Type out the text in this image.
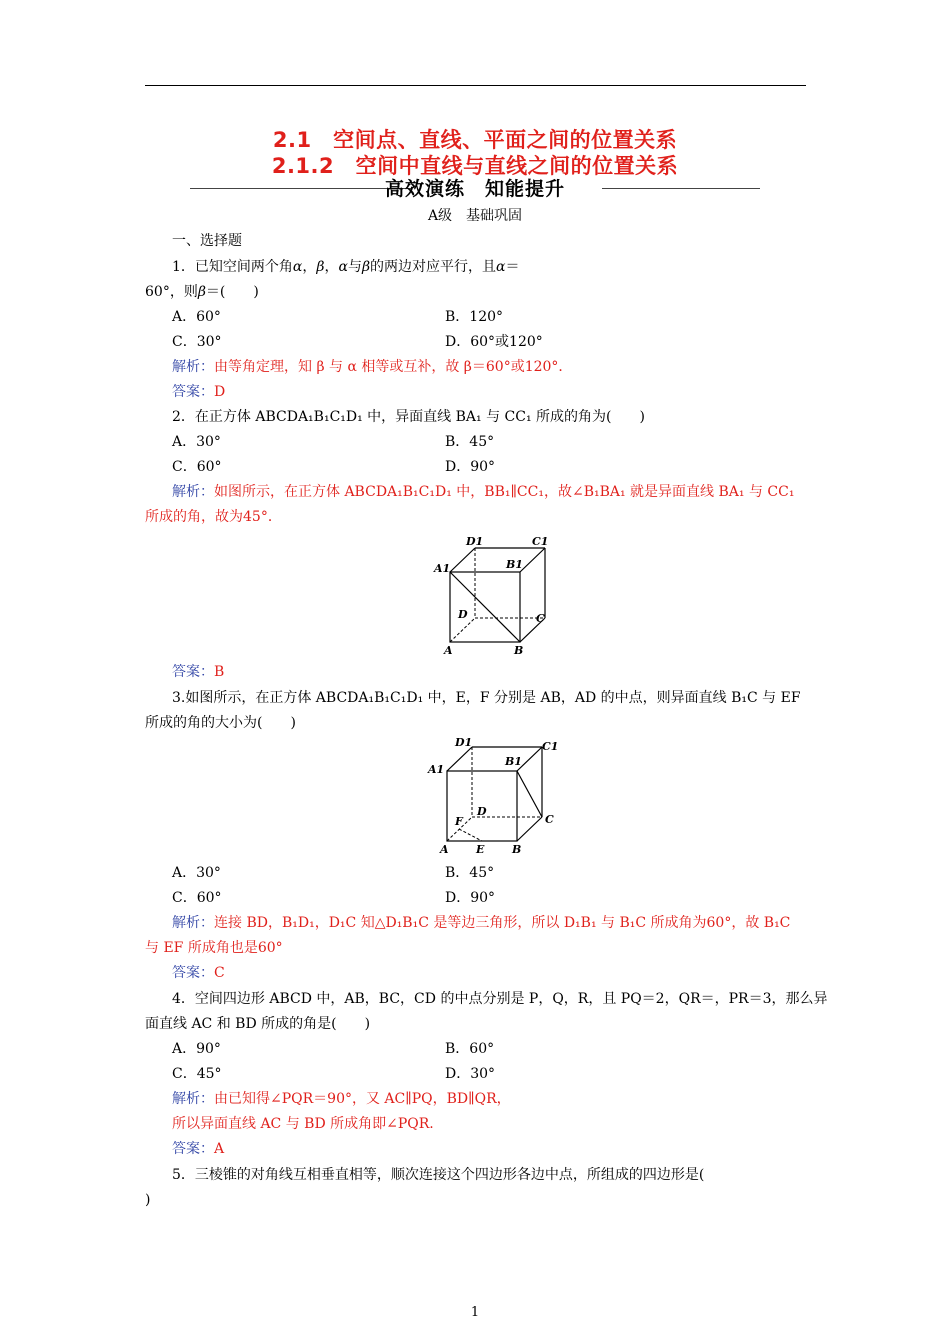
2.1　空间点、直线、平面之间的位置关系
2.1.2　空间中直线与直线之间的位置关系
高效演练　知能提升
A级　基础巩固
一、选择题
1．已知空间两个角α，β，α与β的两边对应平行，且α＝
60°，则β＝(　　)
A．60°	B．120°
C．30°	D．60°或120°
解析：由等角定理，知 β 与 α 相等或互补，故 β＝60°或120°．
答案：D
2．在正方体 ABCDA₁B₁C₁D₁ 中，异面直线 BA₁ 与 CC₁ 所成的角为(　　)
A．30°	B．45°
C．60°	D．90°
解析：如图所示，在正方体 ABCDA₁B₁C₁D₁ 中，BB₁∥CC₁，故∠B₁BA₁ 就是异面直线 BA₁ 与 CC₁
所成的角，故为45°．
D1	C1
A1	B1
D	C
A	B
答案：B
3.如图所示，在正方体 ABCDA₁B₁C₁D₁ 中，E，F 分别是 AB，AD 的中点，则异面直线 B₁C 与 EF
所成的角的大小为(　　)
D1	C1
A1
B1
D
F	C
A E	B
A．30°	B．45°
C．60°	D．90°
解析：连接 BD，B₁D₁，D₁C 知△D₁B₁C 是等边三角形，所以 D₁B₁ 与 B₁C 所成角为60°，故 B₁C
与 EF 所成角也是60°
答案：C
4．空间四边形 ABCD 中，AB，BC，CD 的中点分别是 P，Q，R，且 PQ＝2，QR＝，PR＝3，那么异
面直线 AC 和 BD 所成的角是(　　)
A．90°	B．60°
C．45°	D．30°
解析：由已知得∠PQR＝90°，又 AC∥PQ，BD∥QR，
所以异面直线 AC 与 BD 所成角即∠PQR.
答案：A
5．三棱锥的对角线互相垂直相等，顺次连接这个四边形各边中点，所组成的四边形是(
)
1
